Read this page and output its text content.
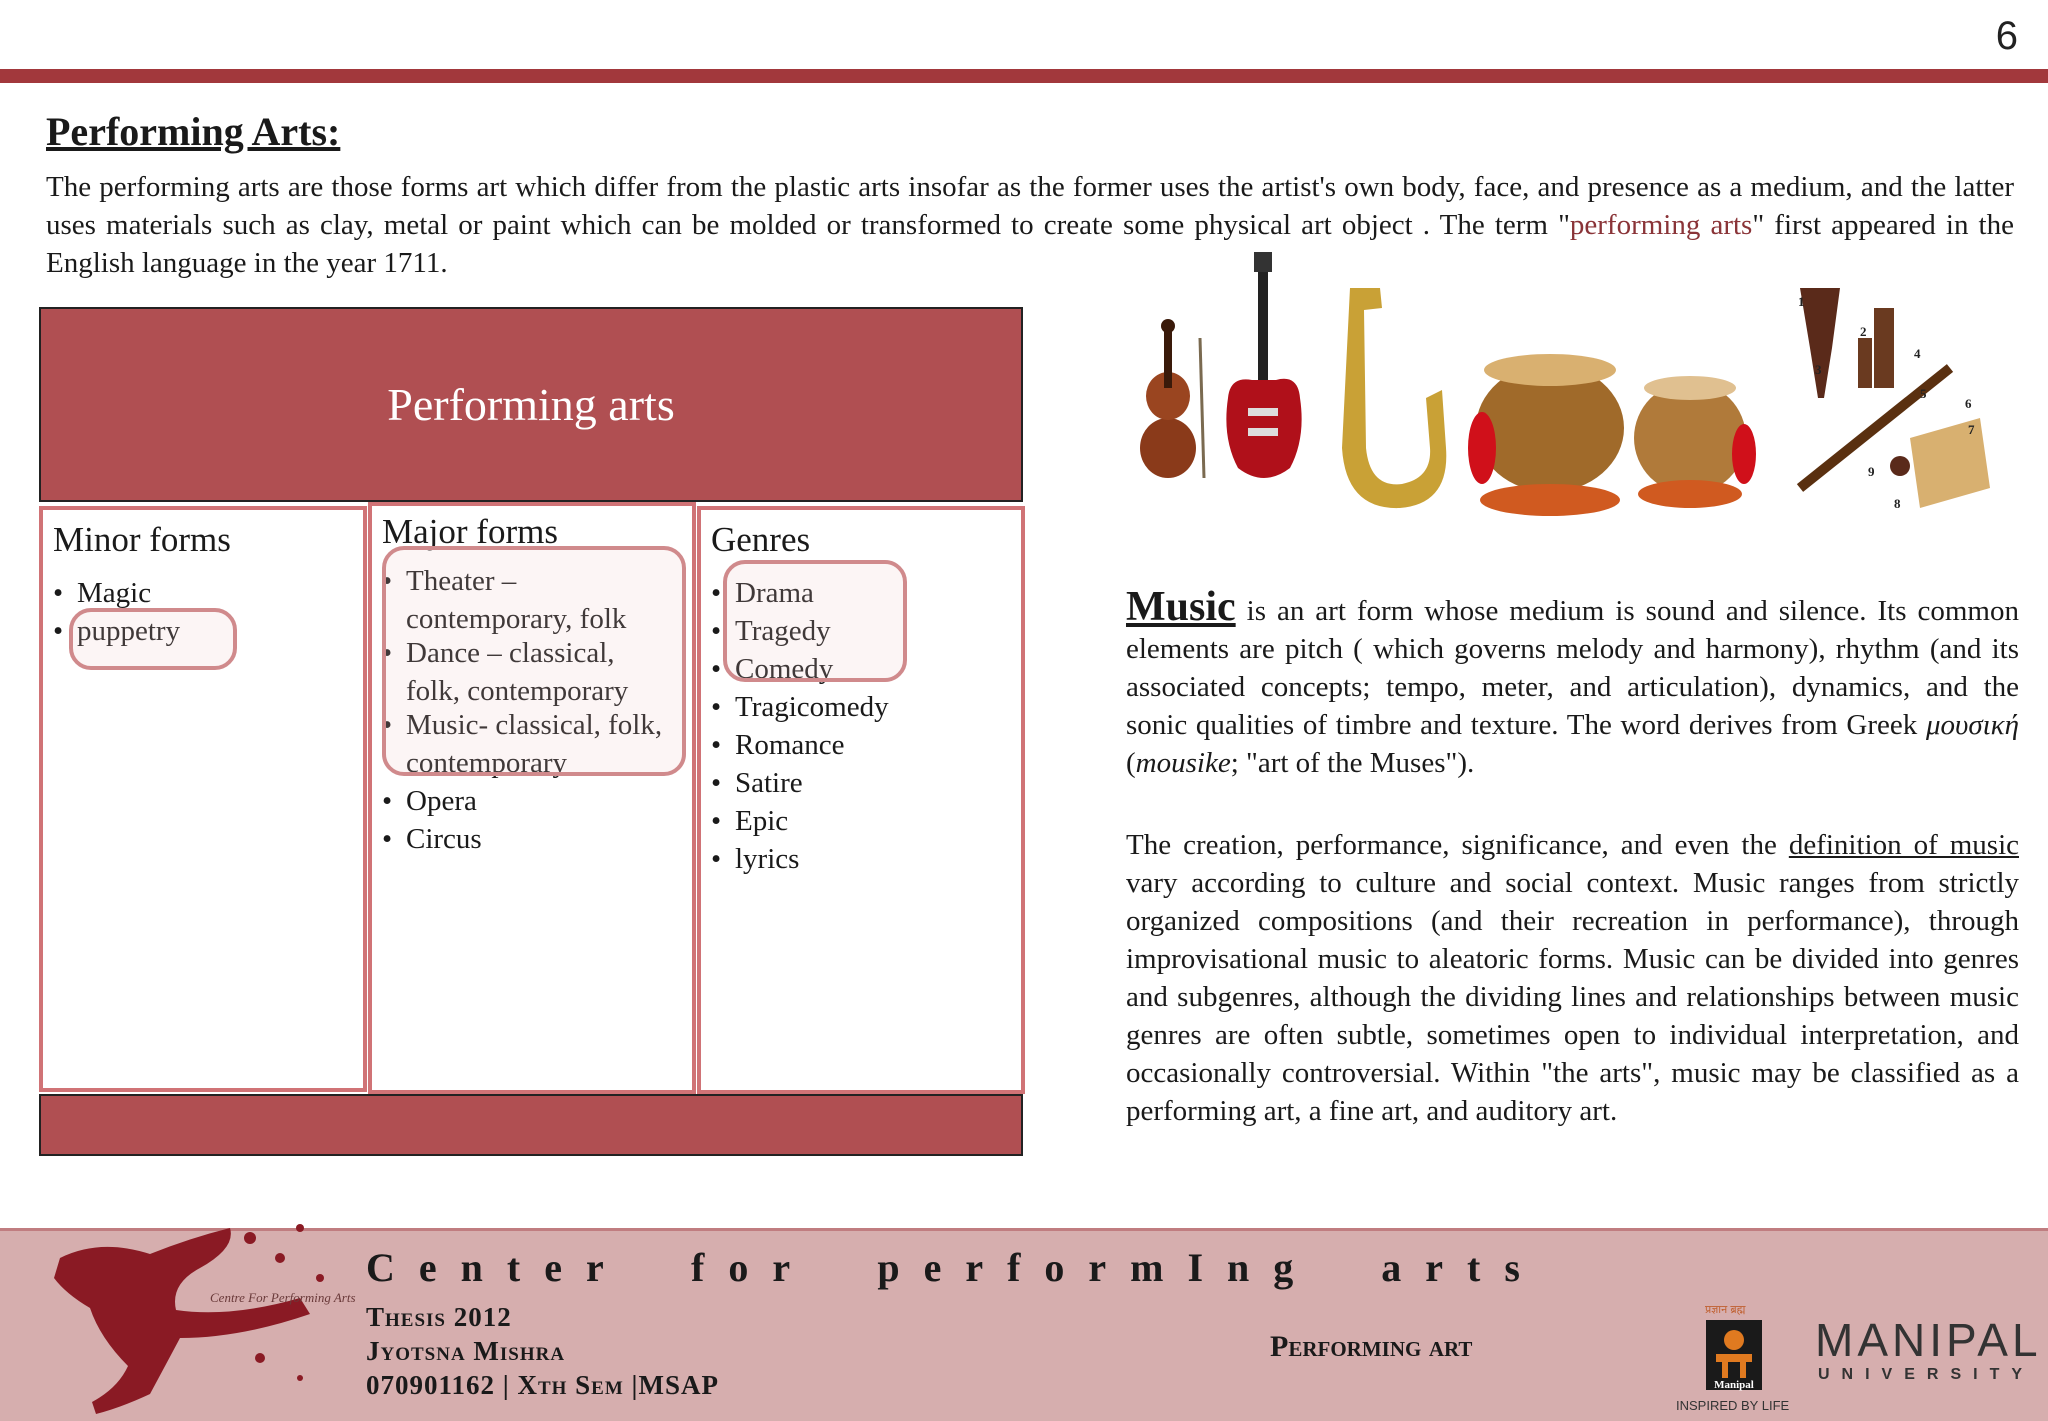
6
Performing Arts:
The performing arts are those forms art which differ from the plastic arts insofar as the former uses the artist's own body, face, and presence as a medium, and the latter uses materials such as clay, metal or paint which can be molded or transformed to create some physical art object . The term "performing arts" first appeared in the English language in the year 1711.
Performing arts
Minor forms
• Magic
• puppetry
Major forms
• Theater –
contemporary, folk
• Dance – classical,
folk, contemporary
• Music- classical, folk,
contemporary
• Opera
• Circus
Genres
• Drama
• Tragedy
• Comedy
• Tragicomedy
• Romance
• Satire
• Epic
• lyrics
1
2
3
4
5
6
7
8
9
Music is an art form whose medium is sound and silence. Its common elements are pitch ( which governs melody and harmony), rhythm (and its associated concepts; tempo, meter, and articulation), dynamics, and the sonic qualities of timbre and texture. The word derives from Greek μουσική (mousike; "art of the Muses").
The creation, performance, significance, and even the definition of music vary according to culture and social context. Music ranges from strictly organized compositions (and their recreation in performance), through improvisational music to aleatoric forms. Music can be divided into genres and subgenres, although the dividing lines and relationships between music genres are often subtle, sometimes open to individual interpretation, and occasionally controversial. Within "the arts", music may be classified as a performing art, a fine art, and auditory art.
Centre For Performing Arts
Center for performIng arts
Thesis 2012
Jyotsna Mishra
070901162 | Xth Sem |MSAP
Performing art
प्रज्ञान ब्रह्म
Manipal
INSPIRED BY LIFE
MANIPAL
UNIVERSITY
